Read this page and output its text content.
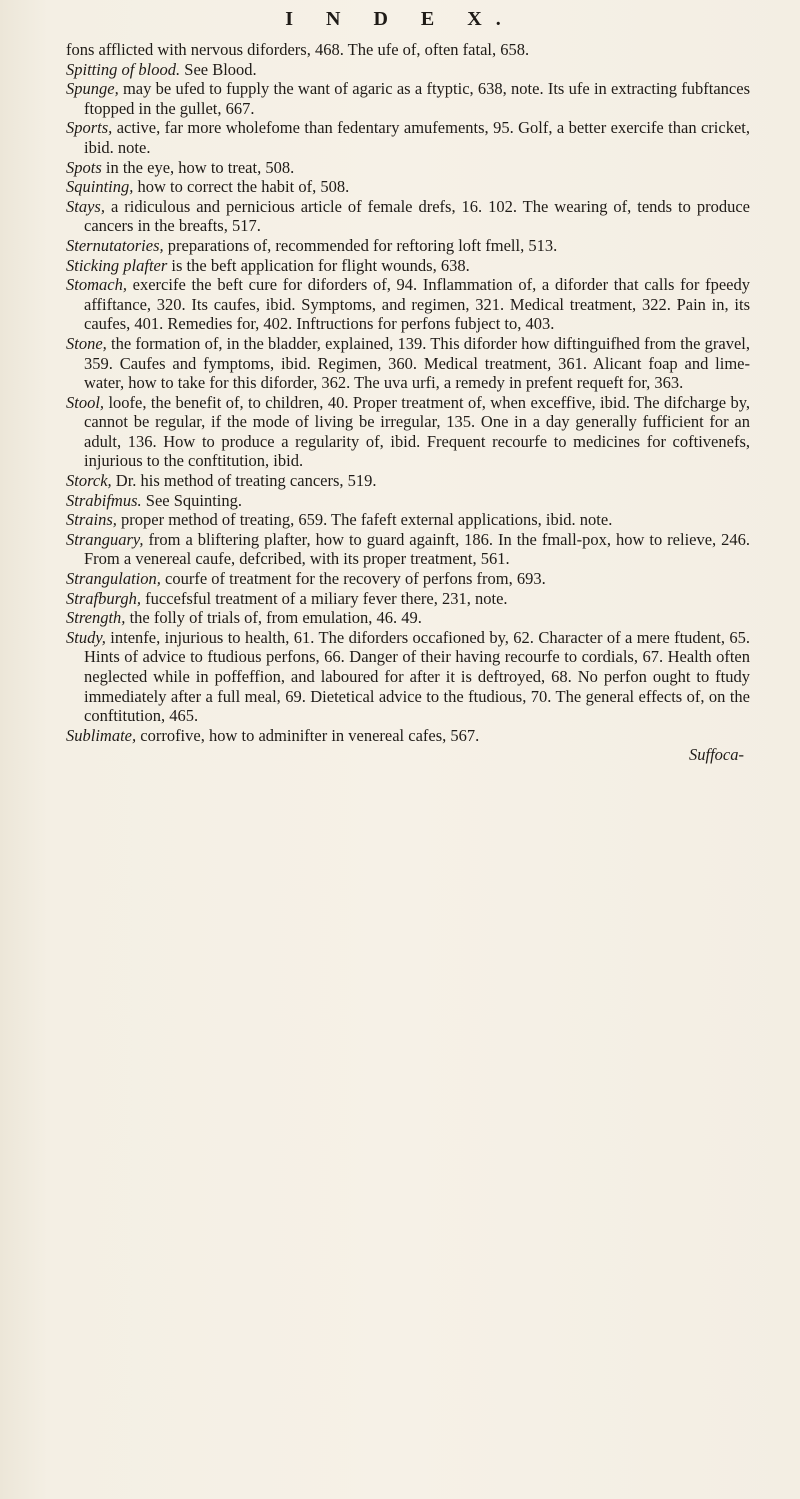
I N D E X.

fons afflicted with nervous diforders, 468. The ufe of, often fatal, 658.

Spitting of blood. See Blood.

Spunge, may be ufed to fupply the want of agaric as a ftyptic, 638, note. Its ufe in extracting fubftances ftopped in the gullet, 667.

Sports, active, far more wholefome than fedentary amufements, 95. Golf, a better exercife than cricket, ibid. note.

Spots in the eye, how to treat, 508.

Squinting, how to correct the habit of, 508.

Stays, a ridiculous and pernicious article of female drefs, 16. 102. The wearing of, tends to produce cancers in the breafts, 517.

Sternutatories, preparations of, recommended for reftoring loft fmell, 513.

Sticking plafter is the beft application for flight wounds, 638.

Stomach, exercife the beft cure for diforders of, 94. Inflammation of, a diforder that calls for fpeedy affiftance, 320. Its caufes, ibid. Symptoms, and regimen, 321. Medical treatment, 322. Pain in, its caufes, 401. Remedies for, 402. Inftructions for perfons fubject to, 403.

Stone, the formation of, in the bladder, explained, 139. This diforder how diftinguifhed from the gravel, 359. Caufes and fymptoms, ibid. Regimen, 360. Medical treatment, 361. Alicant foap and lime-water, how to take for this diforder, 362. The uva urfi, a remedy in prefent requeft for, 363.

Stool, loofe, the benefit of, to children, 40. Proper treatment of, when exceffive, ibid. The difcharge by, cannot be regular, if the mode of living be irregular, 135. One in a day generally fufficient for an adult, 136. How to produce a regularity of, ibid. Frequent recourfe to medicines for coftivenefs, injurious to the conftitution, ibid.

Storck, Dr. his method of treating cancers, 519.

Strabifmus. See Squinting.

Strains, proper method of treating, 659. The fafeft external applications, ibid. note.

Stranguary, from a bliftering plafter, how to guard againft, 186. In the fmall-pox, how to relieve, 246. From a venereal caufe, defcribed, with its proper treatment, 561.

Strangulation, courfe of treatment for the recovery of perfons from, 693.

Strafburgh, fuccefsful treatment of a miliary fever there, 231, note.

Strength, the folly of trials of, from emulation, 46. 49.

Study, intenfe, injurious to health, 61. The diforders occafioned by, 62. Character of a mere ftudent, 65. Hints of advice to ftudious perfons, 66. Danger of their having recourfe to cordials, 67. Health often neglected while in poffeffion, and laboured for after it is deftroyed, 68. No perfon ought to ftudy immediately after a full meal, 69. Dietetical advice to the ftudious, 70. The general effects of, on the conftitution, 465.

Sublimate, corrofive, how to adminifter in venereal cafes, 567.

Suffoca-
